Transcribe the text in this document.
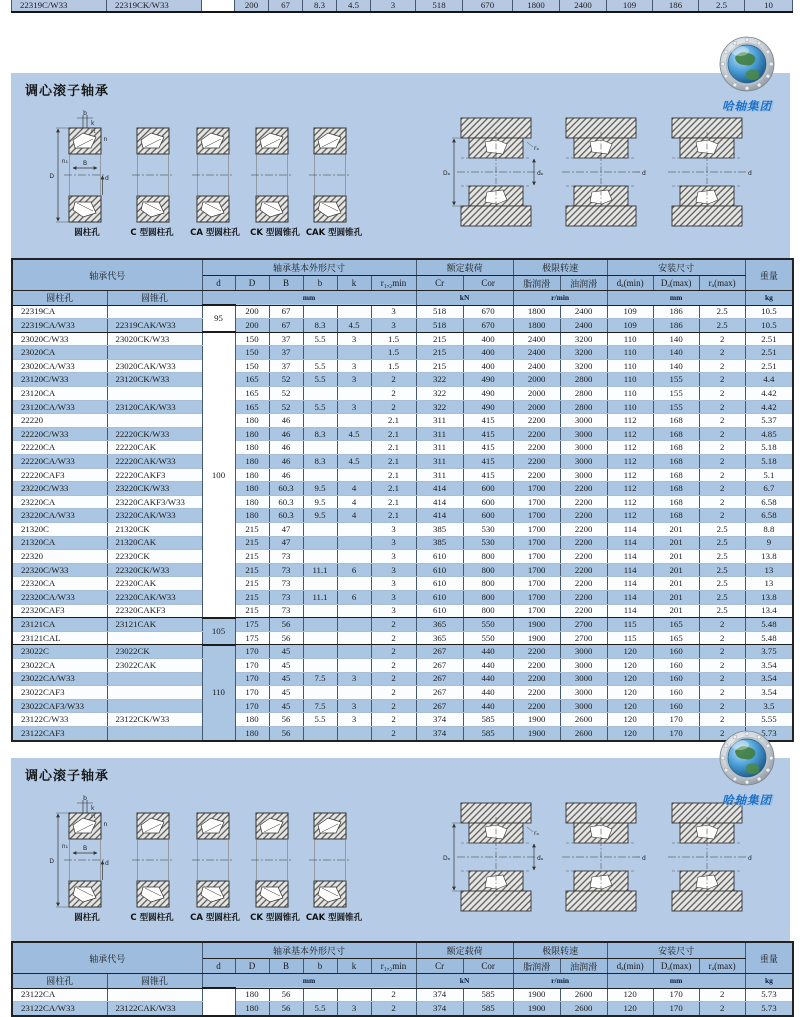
22319C/W33	22319CK/W33		200	67	8.3	4.5	3	518	670	1800	2400	109	186	2.5	10
调心滚子轴承
b
k
r₁
n
n₁
D
B
d
Dₐ
rₐ
dₐ	d	d
圆柱孔	C 型圆柱孔 CA 型圆柱孔 CK 型圆锥孔 CAK 型圆锥孔
轴承代号		轴承基本外形尺寸						额定载荷		极限转速		安装尺寸			重量
		d	D	B	b	k	r₁,₂min	Cr	Cor	脂润滑	油润滑	dₐ(min)	Dₐ(max)	rₐ(max)	
圆柱孔	圆锥孔	mm						kN		r/min		mm			kg
22319CA		95	200	67			3	518	670	1800	2400	109	186	2.5	10.5
22319CA/W33	22319CAK/W33		200	67	8.3	4.5	3	518	670	1800	2400	109	186	2.5	10.5
23020C/W33	23020CK/W33	100	150	37	5.5	3	1.5	215	400	2400	3200	110	140	2	2.51
23020CA			150	37			1.5	215	400	2400	3200	110	140	2	2.51
23020CA/W33	23020CAK/W33		150	37	5.5	3	1.5	215	400	2400	3200	110	140	2	2.51
23120C/W33	23120CK/W33		165	52	5.5	3	2	322	490	2000	2800	110	155	2	4.4
23120CA			165	52			2	322	490	2000	2800	110	155	2	4.42
23120CA/W33	23120CAK/W33		165	52	5.5	3	2	322	490	2000	2800	110	155	2	4.42
22220			180	46			2.1	311	415	2200	3000	112	168	2	5.37
22220C/W33	22220CK/W33		180	46	8.3	4.5	2.1	311	415	2200	3000	112	168	2	4.85
22220CA	22220CAK		180	46			2.1	311	415	2200	3000	112	168	2	5.18
22220CA/W33	22220CAK/W33		180	46	8.3	4.5	2.1	311	415	2200	3000	112	168	2	5.18
22220CAF3	22220CAKF3		180	46			2.1	311	415	2200	3000	112	168	2	5.1
23220C/W33	23220CK/W33		180	60.3	9.5	4	2.1	414	600	1700	2200	112	168	2	6.7
23220CA	23220CAKF3/W33		180	60.3	9.5	4	2.1	414	600	1700	2200	112	168	2	6.58
23220CA/W33	23220CAK/W33		180	60.3	9.5	4	2.1	414	600	1700	2200	112	168	2	6.58
21320C	21320CK		215	47			3	385	530	1700	2200	114	201	2.5	8.8
21320CA	21320CAK		215	47			3	385	530	1700	2200	114	201	2.5	9
22320	22320CK		215	73			3	610	800	1700	2200	114	201	2.5	13.8
22320C/W33	22320CK/W33		215	73	11.1	6	3	610	800	1700	2200	114	201	2.5	13
22320CA	22320CAK		215	73			3	610	800	1700	2200	114	201	2.5	13
22320CA/W33	22320CAK/W33		215	73	11.1	6	3	610	800	1700	2200	114	201	2.5	13.8
22320CAF3	22320CAKF3		215	73			3	610	800	1700	2200	114	201	2.5	13.4
23121CA	23121CAK	105	175	56			2	365	550	1900	2700	115	165	2	5.48
23121CAL			175	56			2	365	550	1900	2700	115	165	2	5.48
23022C	23022CK	110	170	45			2	267	440	2200	3000	120	160	2	3.75
23022CA	23022CAK		170	45			2	267	440	2200	3000	120	160	2	3.54
23022CA/W33			170	45	7.5	3	2	267	440	2200	3000	120	160	2	3.54
23022CAF3			170	45			2	267	440	2200	3000	120	160	2	3.54
23022CAF3/W33			170	45	7.5	3	2	267	440	2200	3000	120	160	2	3.5
23122C/W33	23122CK/W33		180	56	5.5	3	2	374	585	1900	2600	120	170	2	5.55
23122CAF3			180	56			2	374	585	1900	2600	120	170	2	5.73
调心滚子轴承
b
k
r₁
n
n₁
D
B
d
Dₐ
rₐ
dₐ	d	d
圆柱孔	C 型圆柱孔 CA 型圆柱孔 CK 型圆锥孔 CAK 型圆锥孔
轴承代号		轴承基本外形尺寸						额定载荷		极限转速		安装尺寸			重量
		d	D	B	b	k	r₁,₂min	Cr	Cor	脂润滑	油润滑	dₐ(min)	Dₐ(max)	rₐ(max)	
圆柱孔	圆锥孔	mm						kN		r/min		mm			kg
23122CA			180	56			2	374	585	1900	2600	120	170	2	5.73
23122CA/W33	23122CAK/W33		180	56	5.5	3	2	374	585	1900	2600	120	170	2	5.73
哈轴集团
哈轴集团
